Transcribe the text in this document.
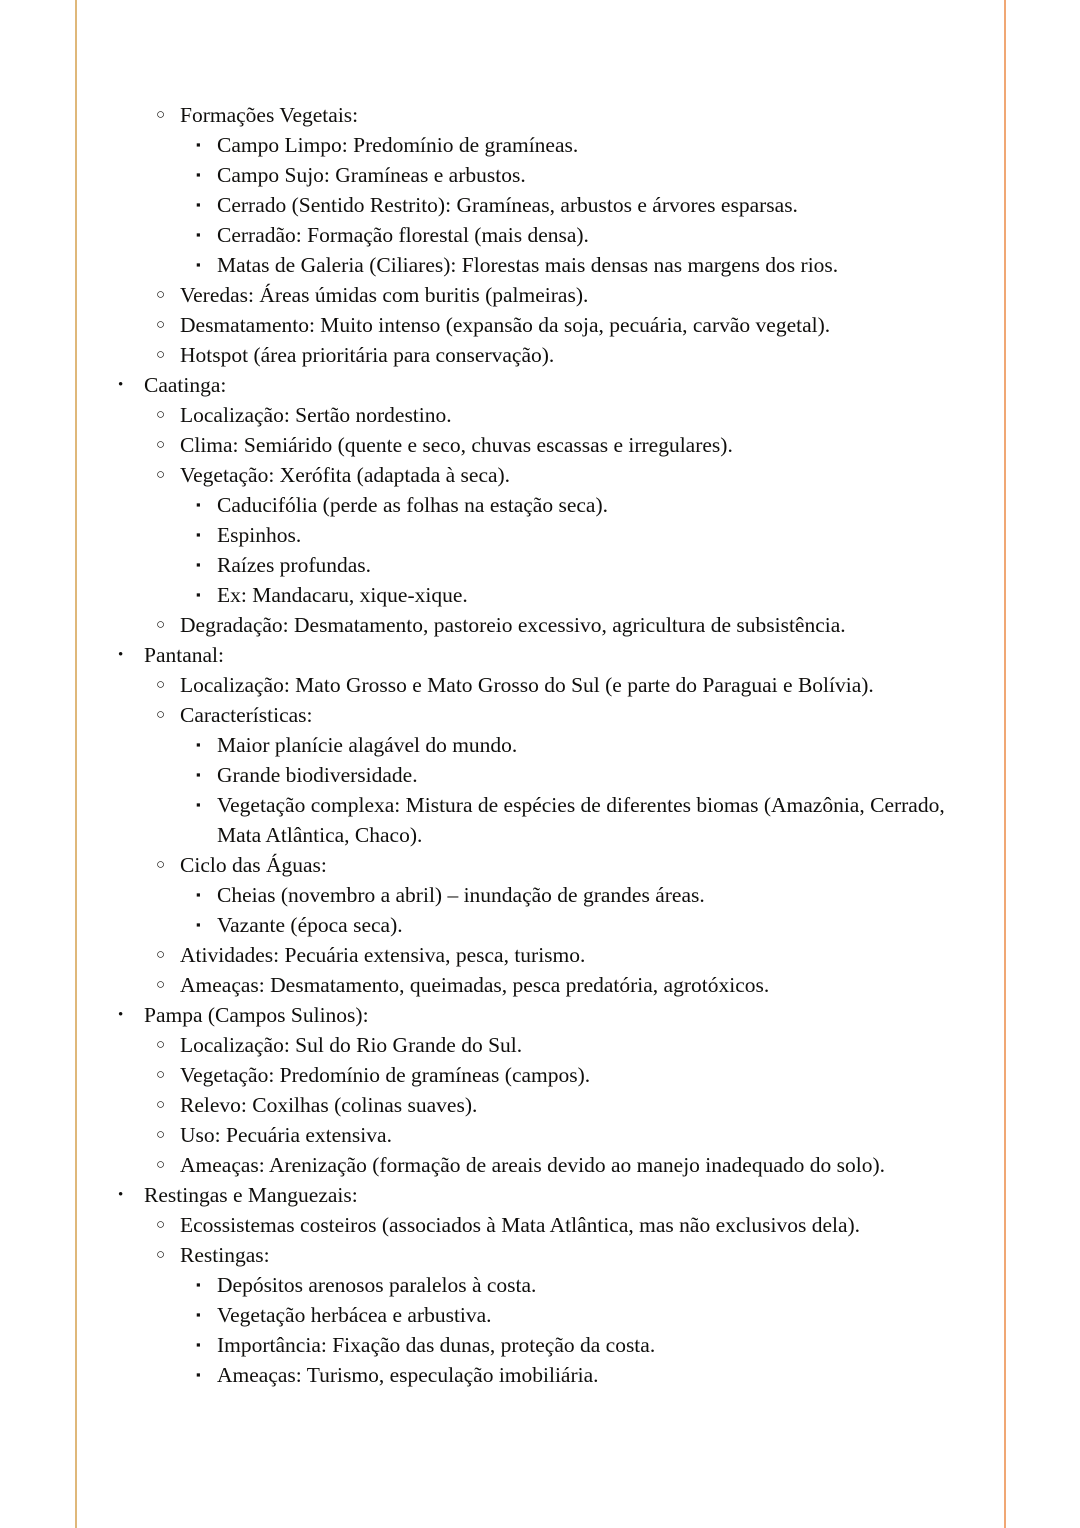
○ Formações Vegetais:
▪ Campo Limpo: Predomínio de gramíneas.
▪ Campo Sujo: Gramíneas e arbustos.
▪ Cerrado (Sentido Restrito): Gramíneas, arbustos e árvores esparsas.
▪ Cerradão: Formação florestal (mais densa).
▪ Matas de Galeria (Ciliares): Florestas mais densas nas margens dos rios.
○ Veredas: Áreas úmidas com buritis (palmeiras).
○ Desmatamento: Muito intenso (expansão da soja, pecuária, carvão vegetal).
○ Hotspot (área prioritária para conservação).
• Caatinga:
○ Localização: Sertão nordestino.
○ Clima: Semiárido (quente e seco, chuvas escassas e irregulares).
○ Vegetação: Xerófita (adaptada à seca).
▪ Caducifólia (perde as folhas na estação seca).
▪ Espinhos.
▪ Raízes profundas.
▪ Ex: Mandacaru, xique-xique.
○ Degradação: Desmatamento, pastoreio excessivo, agricultura de subsistência.
• Pantanal:
○ Localização: Mato Grosso e Mato Grosso do Sul (e parte do Paraguai e Bolívia).
○ Características:
▪ Maior planície alagável do mundo.
▪ Grande biodiversidade.
▪ Vegetação complexa: Mistura de espécies de diferentes biomas (Amazônia, Cerrado, Mata Atlântica, Chaco).
○ Ciclo das Águas:
▪ Cheias (novembro a abril) – inundação de grandes áreas.
▪ Vazante (época seca).
○ Atividades: Pecuária extensiva, pesca, turismo.
○ Ameaças: Desmatamento, queimadas, pesca predatória, agrotóxicos.
• Pampa (Campos Sulinos):
○ Localização: Sul do Rio Grande do Sul.
○ Vegetação: Predomínio de gramíneas (campos).
○ Relevo: Coxilhas (colinas suaves).
○ Uso: Pecuária extensiva.
○ Ameaças: Arenização (formação de areais devido ao manejo inadequado do solo).
• Restingas e Manguezais:
○ Ecossistemas costeiros (associados à Mata Atlântica, mas não exclusivos dela).
○ Restingas:
▪ Depósitos arenosos paralelos à costa.
▪ Vegetação herbácea e arbustiva.
▪ Importância: Fixação das dunas, proteção da costa.
▪ Ameaças: Turismo, especulação imobiliária.
